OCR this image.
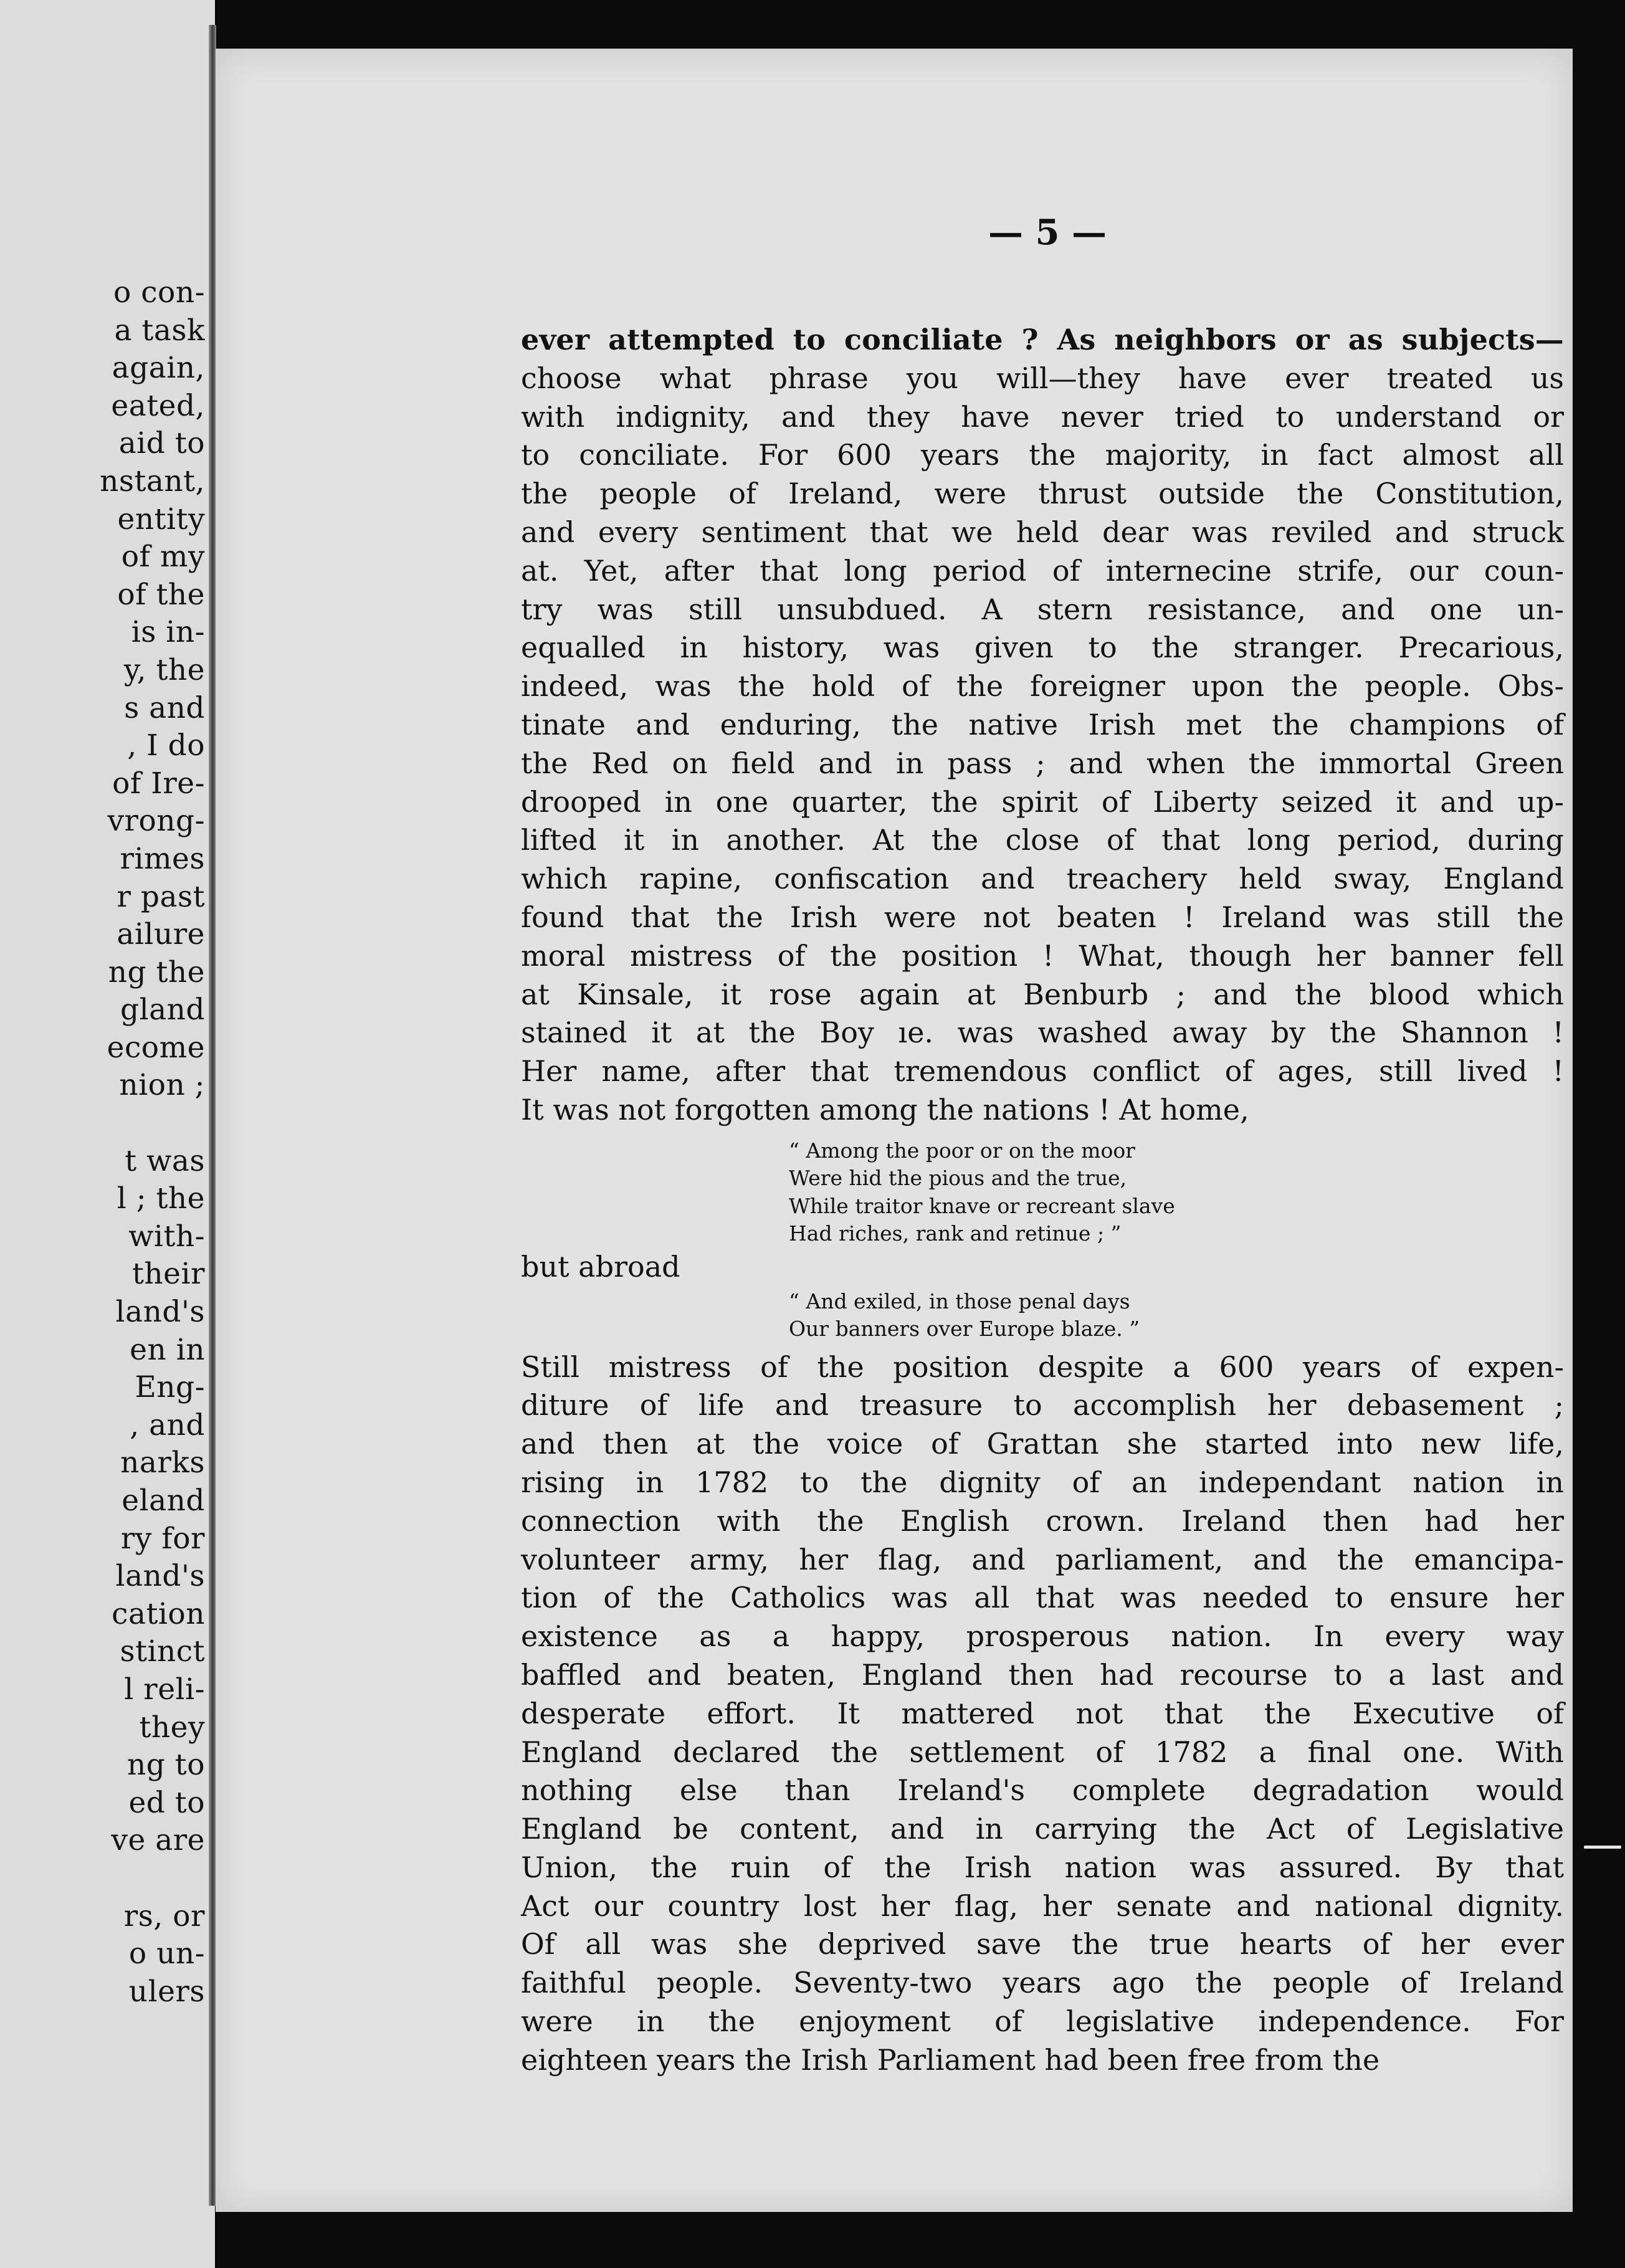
o con-
a task
again,
eated,
aid to
nstant,
entity
of my
of the
is in-
y, the
s and
, I do
of Ire-
vrong-
rimes
r past
ailure
ng the
gland
ecome
nion ;
t was
l ; the
with-
their
land's
en in
Eng-
, and
narks
eland
ry for
land's
cation
stinct
l reli-
they
ng to
ed to
ve are
rs, or
o un-
ulers
— 5 —
ever attempted to conciliate ? As neighbors or as subjects—
choose what phrase you will—they have ever treated us
with indignity, and they have never tried to understand or
to conciliate. For 600 years the majority, in fact almost all
the people of Ireland, were thrust outside the Constitution,
and every sentiment that we held dear was reviled and struck
at. Yet, after that long period of internecine strife, our coun-
try was still unsubdued. A stern resistance, and one un-
equalled in history, was given to the stranger. Precarious,
indeed, was the hold of the foreigner upon the people. Obs-
tinate and enduring, the native Irish met the champions of
the Red on field and in pass ; and when the immortal Green
drooped in one quarter, the spirit of Liberty seized it and up-
lifted it in another. At the close of that long period, during
which rapine, confiscation and treachery held sway, England
found that the Irish were not beaten ! Ireland was still the
moral mistress of the position ! What, though her banner fell
at Kinsale, it rose again at Benburb ; and the blood which
stained it at the Boy ıe. was washed away by the Shannon !
Her name, after that tremendous conflict of ages, still lived !
It was not forgotten among the nations ! At home,
“ Among the poor or on the moor
Were hid the pious and the true,
While traitor knave or recreant slave
Had riches, rank and retinue ; ”
but abroad
“ And exiled, in those penal days
Our banners over Europe blaze. ”
Still mistress of the position despite a 600 years of expen-
diture of life and treasure to accomplish her debasement ;
and then at the voice of Grattan she started into new life,
rising in 1782 to the dignity of an independant nation in
connection with the English crown. Ireland then had her
volunteer army, her flag, and parliament, and the emancipa-
tion of the Catholics was all that was needed to ensure her
existence as a happy, prosperous nation. In every way
baffled and beaten, England then had recourse to a last and
desperate effort. It mattered not that the Executive of
England declared the settlement of 1782 a final one. With
nothing else than Ireland's complete degradation would
England be content, and in carrying the Act of Legislative
Union, the ruin of the Irish nation was assured. By that
Act our country lost her flag, her senate and national dignity.
Of all was she deprived save the true hearts of her ever
faithful people. Seventy-two years ago the people of Ireland
were in the enjoyment of legislative independence. For
eighteen years the Irish Parliament had been free from the
